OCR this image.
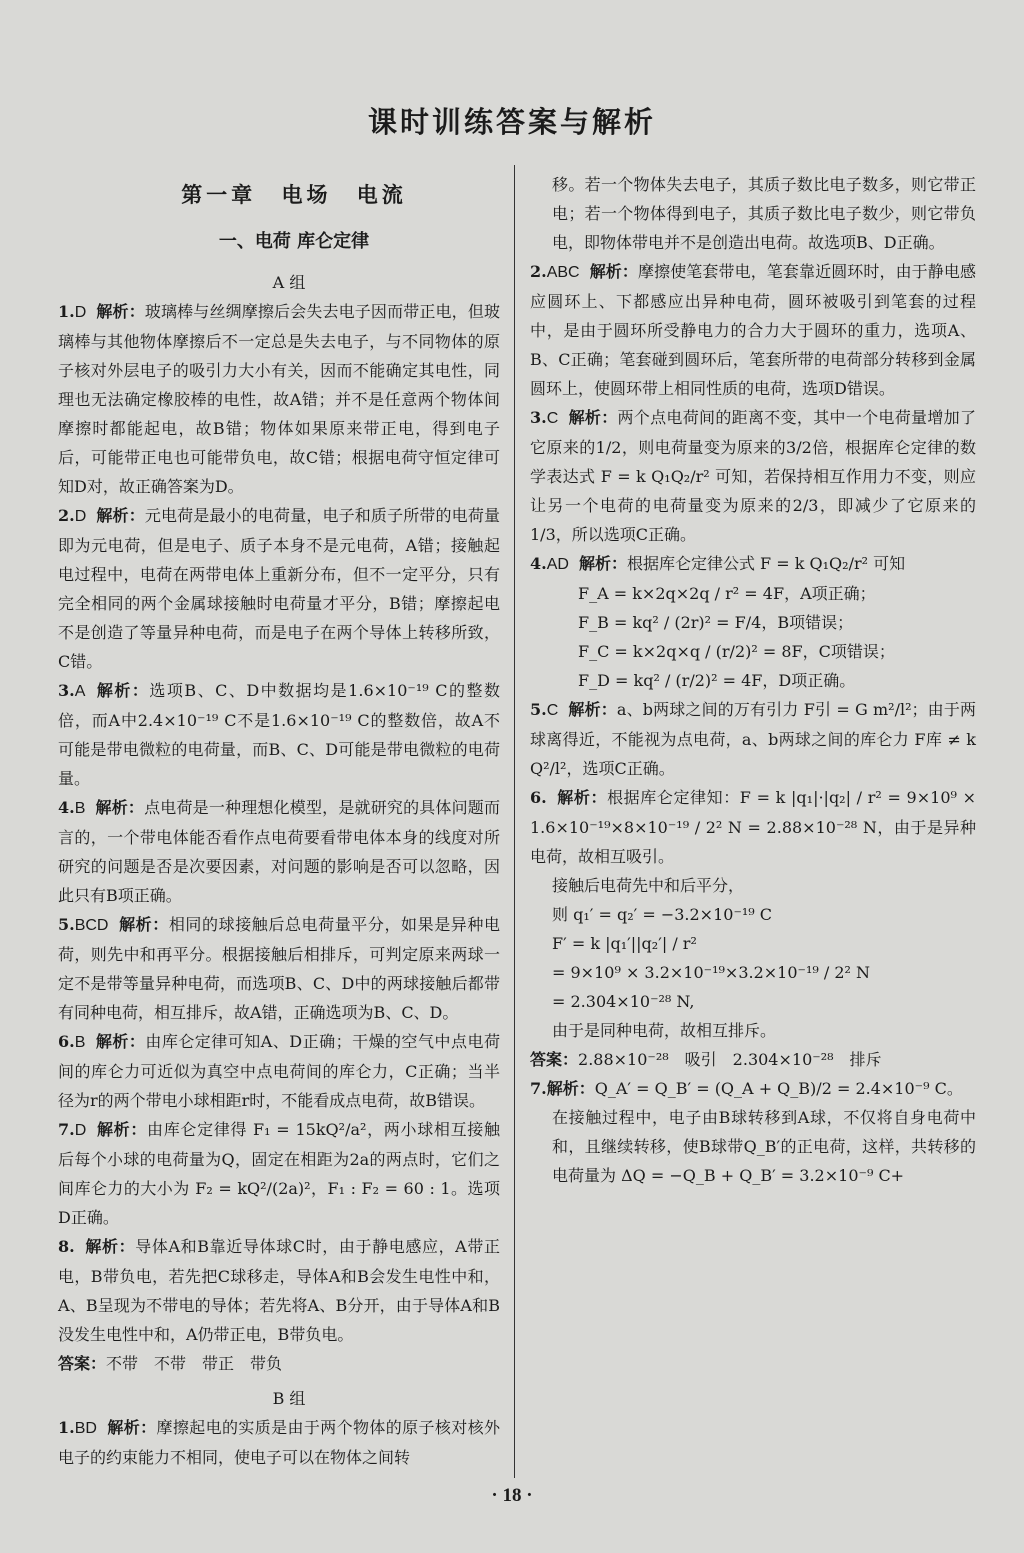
课时训练答案与解析
第一章 电场 电流
一、电荷 库仑定律
A 组

1.D 解析：玻璃棒与丝绸摩擦后会失去电子因而带正电，但玻璃棒与其他物体摩擦后不一定总是失去电子，与不同物体的原子核对外层电子的吸引力大小有关，因而不能确定其电性，同理也无法确定橡胶棒的电性，故A错；并不是任意两个物体间摩擦时都能起电，故B错；物体如果原来带正电，得到电子后，可能带正电也可能带负电，故C错；根据电荷守恒定律可知D对，故正确答案为D。

2.D 解析：元电荷是最小的电荷量，电子和质子所带的电荷量即为元电荷，但是电子、质子本身不是元电荷，A错；接触起电过程中，电荷在两带电体上重新分布，但不一定平分，只有完全相同的两个金属球接触时电荷量才平分，B错；摩擦起电不是创造了等量异种电荷，而是电子在两个导体上转移所致，C错。

3.A 解析：选项B、C、D中数据均是1.6×10⁻¹⁹ C的整数倍，而A中2.4×10⁻¹⁹ C不是1.6×10⁻¹⁹ C的整数倍，故A不可能是带电微粒的电荷量，而B、C、D可能是带电微粒的电荷量。

4.B 解析：点电荷是一种理想化模型，是就研究的具体问题而言的，一个带电体能否看作点电荷要看带电体本身的线度对所研究的问题是否是次要因素，对问题的影响是否可以忽略，因此只有B项正确。

5.BCD 解析：相同的球接触后总电荷量平分，如果是异种电荷，则先中和再平分。根据接触后相排斥，可判定原来两球一定不是带等量异种电荷，而选项B、C、D中的两球接触后都带有同种电荷，相互排斥，故A错，正确选项为B、C、D。

6.B 解析：由库仑定律可知A、D正确；干燥的空气中点电荷间的库仑力可近似为真空中点电荷间的库仑力，C正确；当半径为r的两个带电小球相距r时，不能看成点电荷，故B错误。

7.D 解析：由库仑定律得 F₁ = 15kQ²/a²，两小球相互接触后每个小球的电荷量为Q，固定在相距为2a的两点时，它们之间库仑力的大小为 F₂ = kQ²/(2a)²，F₁ : F₂ = 60 : 1。选项D正确。

8. 解析：导体A和B靠近导体球C时，由于静电感应，A带正电，B带负电，若先把C球移走，导体A和B会发生电性中和，A、B呈现为不带电的导体；若先将A、B分开，由于导体A和B没发生电性中和，A仍带正电，B带负电。

答案：不带　不带　带正　带负

B 组

1.BD 解析：摩擦起电的实质是由于两个物体的原子核对核外电子的约束能力不相同，使电子可以在物体之间转

移。若一个物体失去电子，其质子数比电子数多，则它带正电；若一个物体得到电子，其质子数比电子数少，则它带负电，即物体带电并不是创造出电荷。故选项B、D正确。

2.ABC 解析：摩擦使笔套带电，笔套靠近圆环时，由于静电感应圆环上、下都感应出异种电荷，圆环被吸引到笔套的过程中，是由于圆环所受静电力的合力大于圆环的重力，选项A、B、C正确；笔套碰到圆环后，笔套所带的电荷部分转移到金属圆环上，使圆环带上相同性质的电荷，选项D错误。

3.C 解析：两个点电荷间的距离不变，其中一个电荷量增加了它原来的1/2，则电荷量变为原来的3/2倍，根据库仑定律的数学表达式 F = k Q₁Q₂/r² 可知，若保持相互作用力不变，则应让另一个电荷的电荷量变为原来的2/3，即减少了它原来的1/3，所以选项C正确。

4.AD 解析：根据库仑定律公式 F = k Q₁Q₂/r² 可知

F_A = k×2q×2q / r² = 4F，A项正确；

F_B = kq² / (2r)² = F/4，B项错误；

F_C = k×2q×q / (r/2)² = 8F，C项错误；

F_D = kq² / (r/2)² = 4F，D项正确。

5.C 解析：a、b两球之间的万有引力 F引 = G m²/l²；由于两球离得近，不能视为点电荷，a、b两球之间的库仑力 F库 ≠ k Q²/l²，选项C正确。

6. 解析：根据库仑定律知：F = k |q₁|·|q₂| / r² = 9×10⁹ × 1.6×10⁻¹⁹×8×10⁻¹⁹ / 2² N = 2.88×10⁻²⁸ N，由于是异种电荷，故相互吸引。

接触后电荷先中和后平分，

则 q₁′ = q₂′ = −3.2×10⁻¹⁹ C

F′ = k |q₁′||q₂′| / r²

= 9×10⁹ × 3.2×10⁻¹⁹×3.2×10⁻¹⁹ / 2² N

= 2.304×10⁻²⁸ N,

由于是同种电荷，故相互排斥。

答案：2.88×10⁻²⁸　吸引　2.304×10⁻²⁸　排斥

7.解析：Q_A′ = Q_B′ = (Q_A + Q_B)/2 = 2.4×10⁻⁹ C。

在接触过程中，电子由B球转移到A球，不仅将自身电荷中和，且继续转移，使B球带Q_B′的正电荷，这样，共转移的电荷量为 ΔQ = −Q_B + Q_B′ = 3.2×10⁻⁹ C+

· 18 ·
